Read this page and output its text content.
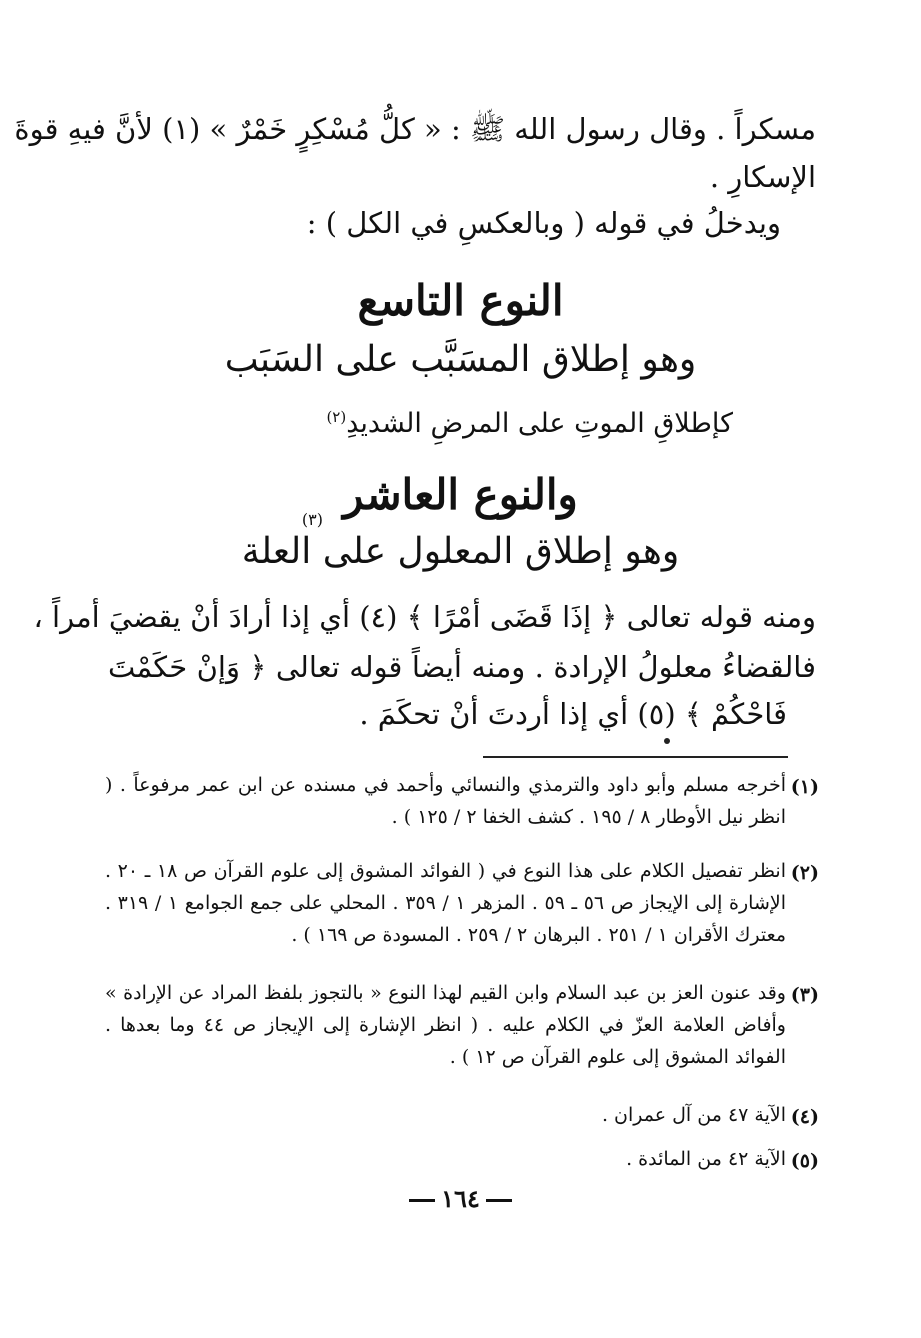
مسكراً . وقال رسول الله ﷺ : « كلُّ مُسْكِرٍ خَمْرٌ » (١) لأنَّ فيهِ قوةَ
الإسكارِ .
ويدخلُ في قوله ( وبالعكسِ في الكل ) :
النوع التاسع
وهو إطلاق المسَبَّب على السَبَب
كإطلاقِ الموتِ على المرضِ الشديدِ$^{(٢)}$
والنوع العاشر
(٣)
وهو إطلاق المعلول على العلة
ومنه قوله تعالى ﴿ إذَا قَضَى أمْرًا ﴾ (٤) أي إذا أرادَ أنْ يقضيَ أمراً ،
فالقضاءُ معلولُ الإرادة . ومنه أيضاً قوله تعالى ﴿ وَإنْ حَكَمْتَ
فَاحْكُمْ ﴾ (٥) أي إذا أردتَ أنْ تحكَمَ .
(١)
أخرجه مسلم وأبو داود والترمذي والنسائي وأحمد في مسنده عن ابن عمر مرفوعاً . ( انظر نيل الأوطار ٨ / ١٩٥ . كشف الخفا ٢ / ١٢٥ ) .
(٢)
انظر تفصيل الكلام على هذا النوع في ( الفوائد المشوق إلى علوم القرآن ص ١٨ ـ ٢٠ . الإشارة إلى الإيجاز ص ٥٦ ـ ٥٩ . المزهر ١ / ٣٥٩ . المحلي على جمع الجوامع ١ / ٣١٩ . معترك الأقران ١ / ٢٥١ . البرهان ٢ / ٢٥٩ . المسودة ص ١٦٩ ) .
(٣)
وقد عنون العز بن عبد السلام وابن القيم لهذا النوع « بالتجوز بلفظ المراد عن الإرادة » وأفاض العلامة العزّ في الكلام عليه . ( انظر الإشارة إلى الإيجاز ص ٤٤ وما بعدها . الفوائد المشوق إلى علوم القرآن ص ١٢ ) .
(٤)
الآية ٤٧ من آل عمران .
(٥)
الآية ٤٢ من المائدة .
١٦٤
